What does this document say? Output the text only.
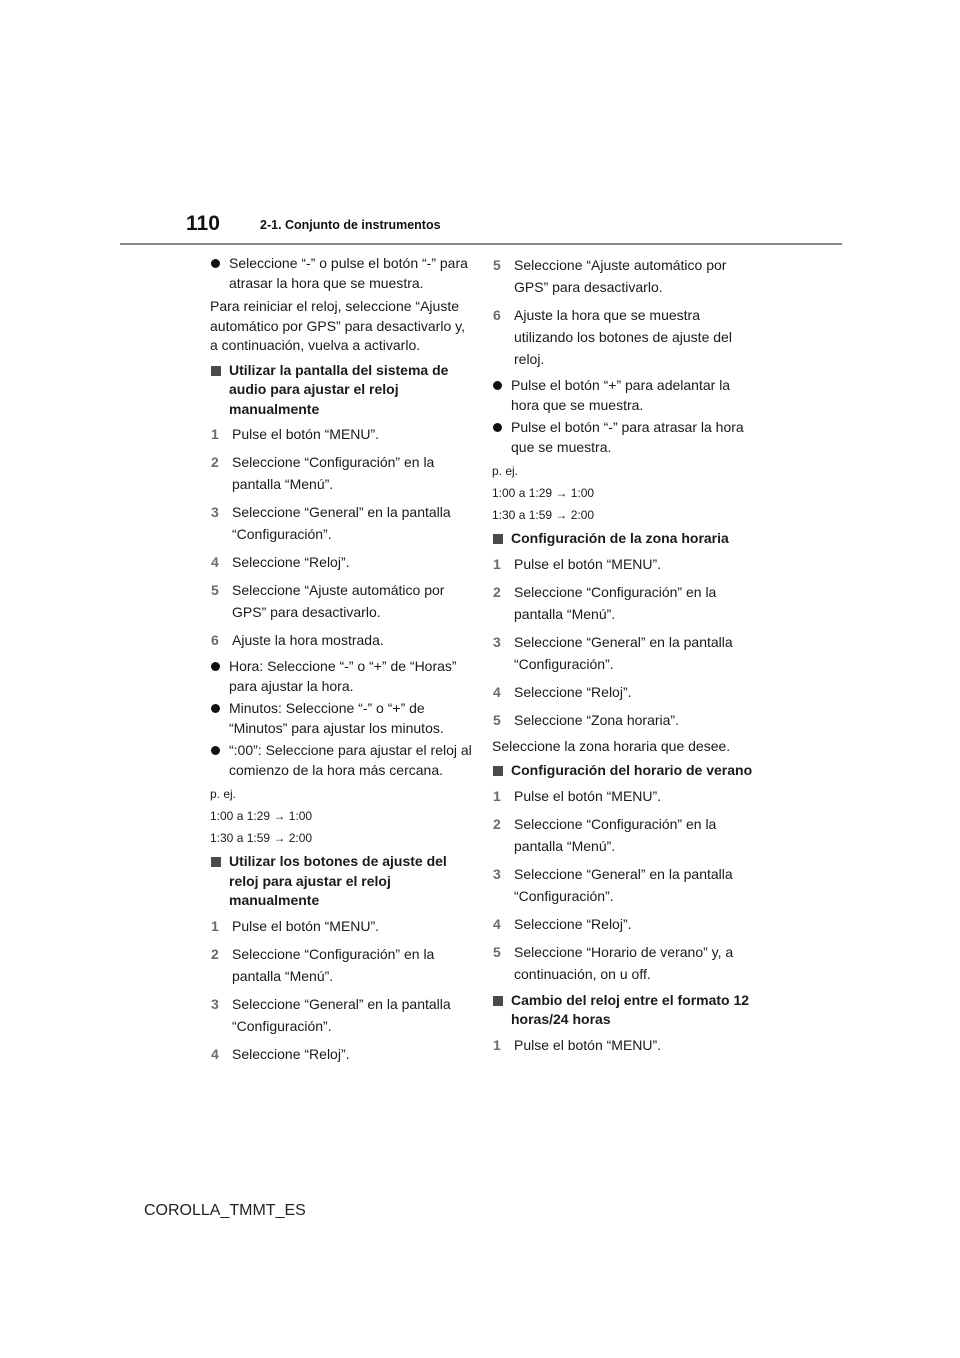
110	2-1. Conjunto de instrumentos
Seleccione “-” o pulse el botón “-” para atrasar la hora que se muestra.
Para reiniciar el reloj, seleccione “Ajuste automático por GPS” para desactivarlo y, a continuación, vuelva a activarlo.
Utilizar la pantalla del sistema de audio para ajustar el reloj manualmente
1 Pulse el botón “MENU”.
2 Seleccione “Configuración” en la pantalla “Menú”.
3 Seleccione “General” en la pantalla “Configuración”.
4 Seleccione “Reloj”.
5 Seleccione “Ajuste automático por GPS” para desactivarlo.
6 Ajuste la hora mostrada.
Hora: Seleccione “-” o “+” de “Horas” para ajustar la hora.
Minutos: Seleccione “-” o “+” de “Minutos” para ajustar los minutos.
“:00”: Seleccione para ajustar el reloj al comienzo de la hora más cercana.
p. ej.
1:00 a 1:29 → 1:00
1:30 a 1:59 → 2:00
Utilizar los botones de ajuste del reloj para ajustar el reloj manualmente
1 Pulse el botón “MENU”.
2 Seleccione “Configuración” en la pantalla “Menú”.
3 Seleccione “General” en la pantalla “Configuración”.
4 Seleccione “Reloj”.
5 Seleccione “Ajuste automático por GPS” para desactivarlo.
6 Ajuste la hora que se muestra utilizando los botones de ajuste del reloj.
Pulse el botón “+” para adelantar la hora que se muestra.
Pulse el botón “-” para atrasar la hora que se muestra.
p. ej.
1:00 a 1:29 → 1:00
1:30 a 1:59 → 2:00
Configuración de la zona horaria
1 Pulse el botón “MENU”.
2 Seleccione “Configuración” en la pantalla “Menú”.
3 Seleccione “General” en la pantalla “Configuración”.
4 Seleccione “Reloj”.
5 Seleccione “Zona horaria”.
Seleccione la zona horaria que desee.
Configuración del horario de verano
1 Pulse el botón “MENU”.
2 Seleccione “Configuración” en la pantalla “Menú”.
3 Seleccione “General” en la pantalla “Configuración”.
4 Seleccione “Reloj”.
5 Seleccione “Horario de verano” y, a continuación, on u off.
Cambio del reloj entre el formato 12 horas/24 horas
1 Pulse el botón “MENU”.
COROLLA_TMMT_ES
